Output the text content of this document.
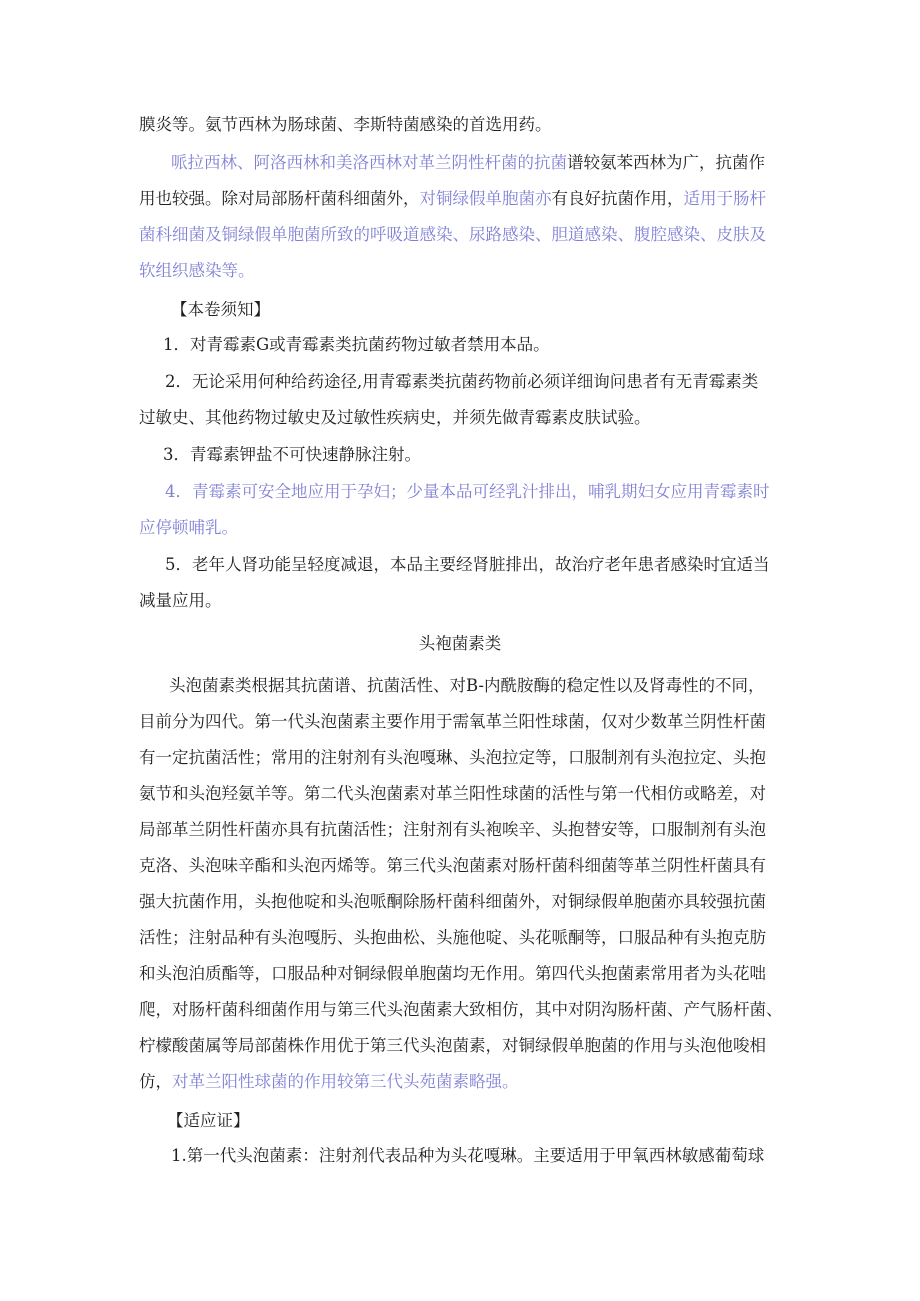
膜炎等。氨节西林为肠球菌、李斯特菌感染的首选用药。
哌拉西林、阿洛西林和美洛西林对革兰阴性杆菌的抗菌谱较氨苯西林为广，抗菌作
用也较强。除对局部肠杆菌科细菌外，对铜绿假单胞菌亦有良好抗菌作用，适用于肠杆
菌科细菌及铜绿假单胞菌所致的呼吸道感染、尿路感染、胆道感染、腹腔感染、皮肤及
软组织感染等。
【本卷须知】
1．对青霉素G或青霉素类抗菌药物过敏者禁用本品。
2．无论采用何种给药途径,用青霉素类抗菌药物前必须详细询问患者有无青霉素类
过敏史、其他药物过敏史及过敏性疾病史，并须先做青霉素皮肤试验。
3．青霉素钾盐不可快速静脉注射。
4．青霉素可安全地应用于孕妇；少量本品可经乳汁排出，哺乳期妇女应用青霉素时
应停顿哺乳。
5．老年人肾功能呈轻度减退，本品主要经肾脏排出，故治疗老年患者感染时宜适当
减量应用。
头袍菌素类
头泡菌素类根据其抗菌谱、抗菌活性、对B-内酰胺酶的稳定性以及肾毒性的不同，
目前分为四代。第一代头泡菌素主要作用于需氧革兰阳性球菌，仅对少数革兰阴性杆菌
有一定抗菌活性；常用的注射剂有头泡嘎琳、头泡拉定等，口服制剂有头泡拉定、头抱
氨节和头泡羟氨羊等。第二代头泡菌素对革兰阳性球菌的活性与第一代相仿或略差，对
局部革兰阴性杆菌亦具有抗菌活性；注射剂有头袍唉辛、头抱替安等，口服制剂有头泡
克洛、头泡味辛酯和头泡丙烯等。第三代头泡菌素对肠杆菌科细菌等革兰阴性杆菌具有
强大抗菌作用，头抱他啶和头泡哌酮除肠杆菌科细菌外，对铜绿假单胞菌亦具较强抗菌
活性；注射品种有头泡嘎肟、头抱曲松、头施他啶、头花哌酮等，口服品种有头抱克肪
和头泡泊质酯等，口服品种对铜绿假单胞菌均无作用。第四代头抱菌素常用者为头花咄
爬，对肠杆菌科细菌作用与第三代头泡菌素大致相仿，其中对阴沟肠杆菌、产气肠杆菌、
柠檬酸菌属等局部菌株作用优于第三代头泡菌素，对铜绿假单胞菌的作用与头泡他唆相
仿，对革兰阳性球菌的作用较第三代头苑菌素略强。
【适应证】
1.第一代头泡菌素：注射剂代表品种为头花嘎琳。主要适用于甲氧西林敏感葡萄球
